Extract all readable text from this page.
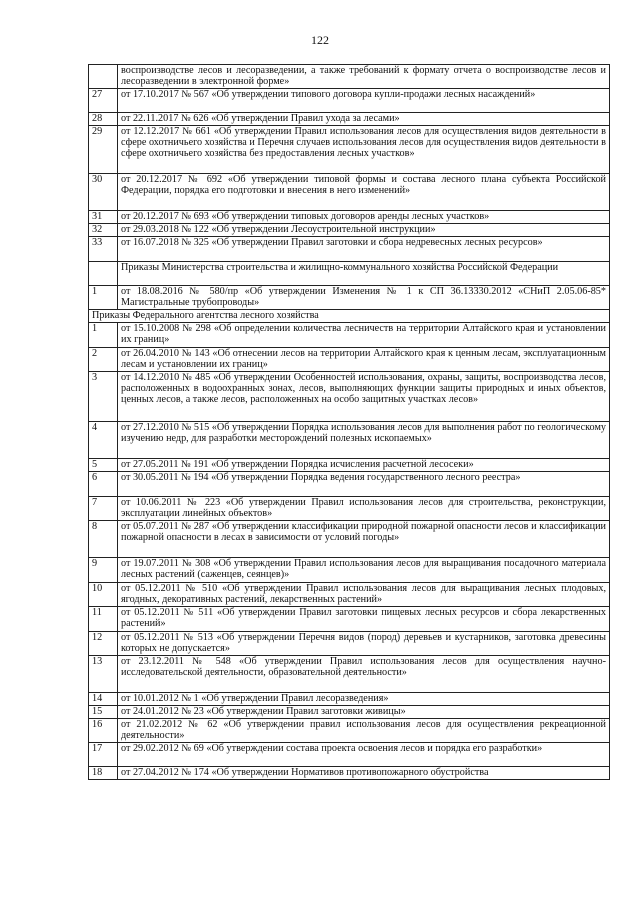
122
	воспроизводстве лесов и лесоразведении, а также требований к формату отчета о воспроизводстве лесов и лесоразведении в электронной форме»
27	от 17.10.2017 № 567 «Об утверждении типового договора купли-продажи лесных насаждений»
28	от 22.11.2017 № 626 «Об утверждении Правил ухода за лесами»
29	от 12.12.2017 № 661 «Об утверждении Правил использования лесов для осуществления видов деятельности в сфере охотничьего хозяйства и Перечня случаев использования лесов для осуществления видов деятельности в сфере охотничьего хозяйства без предоставления лесных участков»
30	от 20.12.2017 № 692 «Об утверждении типовой формы и состава лесного плана субъекта Российской Федерации, порядка его подготовки и внесения в него изменений»
31	от 20.12.2017 № 693 «Об утверждении типовых договоров аренды лесных участков»
32	от 29.03.2018 № 122 «Об утверждении Лесоустроительной инструкции»
33	от 16.07.2018 № 325 «Об утверждении Правил заготовки и сбора недревесных лесных ресурсов»
	Приказы Министерства строительства и жилищно-коммунального хозяйства Российской Федерации
1	от 18.08.2016 № 580/пр «Об утверждении Изменения № 1 к СП 36.13330.2012 «СНиП 2.05.06-85* Магистральные трубопроводы»
Приказы Федерального агентства лесного хозяйства	
1	от 15.10.2008 № 298 «Об определении количества лесничеств на территории Алтайского края и установлении их границ»
2	от 26.04.2010 № 143 «Об отнесении лесов на территории Алтайского края к ценным лесам, эксплуатационным лесам и установлении их границ»
3	от 14.12.2010 № 485 «Об утверждении Особенностей использования, охраны, защиты, воспроизводства лесов, расположенных в водоохранных зонах, лесов, выполняющих функции защиты природных и иных объектов, ценных лесов, а также лесов, расположенных на особо защитных участках лесов»
4	от 27.12.2010 № 515 «Об утверждении Порядка использования лесов для выполнения работ по геологическому изучению недр, для разработки месторождений полезных ископаемых»
5	от 27.05.2011 № 191 «Об утверждении Порядка исчисления расчетной лесосеки»
6	от 30.05.2011 № 194 «Об утверждении Порядка ведения государственного лесного реестра»
7	от 10.06.2011 № 223 «Об утверждении Правил использования лесов для строительства, реконструкции, эксплуатации линейных объектов»
8	от 05.07.2011 № 287 «Об утверждении классификации природной пожарной опасности лесов и классификации пожарной опасности в лесах в зависимости от условий погоды»
9	от 19.07.2011 № 308 «Об утверждении Правил использования лесов для выращивания посадочного материала лесных растений (саженцев, сеянцев)»
10	от 05.12.2011 № 510 «Об утверждении Правил использования лесов для выращивания лесных плодовых, ягодных, декоративных растений, лекарственных растений»
11	от 05.12.2011 № 511 «Об утверждении Правил заготовки пищевых лесных ресурсов и сбора лекарственных растений»
12	от 05.12.2011 № 513 «Об утверждении Перечня видов (пород) деревьев и кустарников, заготовка древесины которых не допускается»
13	от 23.12.2011 № 548 «Об утверждении Правил использования лесов для осуществления научно-исследовательской деятельности, образовательной деятельности»
14	от 10.01.2012 № 1 «Об утверждении Правил лесоразведения»
15	от 24.01.2012 № 23 «Об утверждении Правил заготовки живицы»
16	от 21.02.2012 № 62 «Об утверждении правил использования лесов для осуществления рекреационной деятельности»
17	от 29.02.2012 № 69 «Об утверждении состава проекта освоения лесов и порядка его разработки»
18	от 27.04.2012 № 174 «Об утверждении Нормативов противопожарного обустройства
